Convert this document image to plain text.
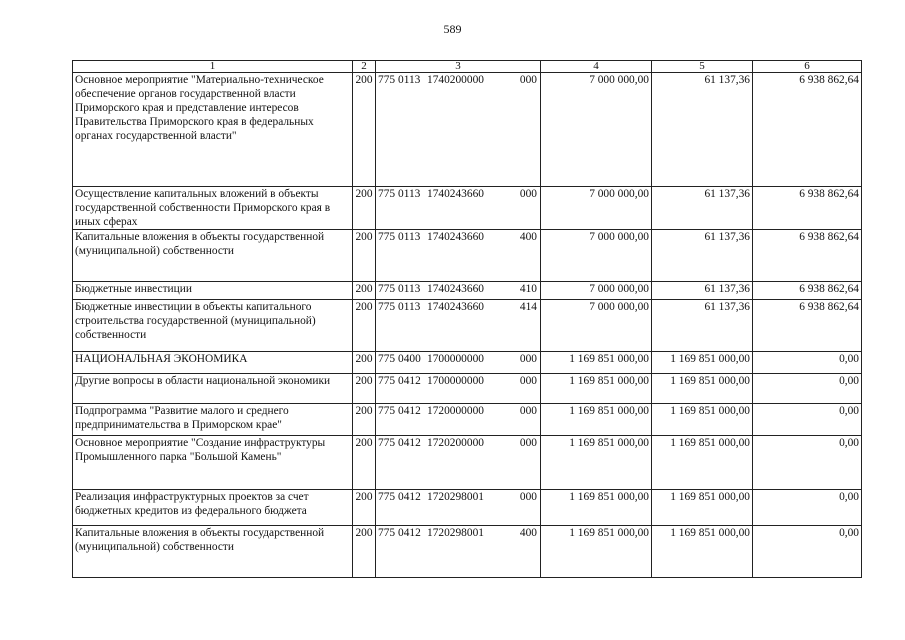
589
1	2	3	4	5	6
Основное мероприятие "Материально-техническое обеспечение органов государственной власти Приморского края и представление интересов Правительства Приморского края в федеральных органах государственной власти"	200	775 0113 1740200000 000	7 000 000,00	61 137,36	6 938 862,64
Осуществление капитальных вложений в объекты государственной собственности Приморского края в иных сферах	200	775 0113 1740243660 000	7 000 000,00	61 137,36	6 938 862,64
Капитальные вложения в объекты государственной (муниципальной) собственности	200	775 0113 1740243660 400	7 000 000,00	61 137,36	6 938 862,64
Бюджетные инвестиции	200	775 0113 1740243660 410	7 000 000,00	61 137,36	6 938 862,64
Бюджетные инвестиции в объекты капитального строительства государственной (муниципальной) собственности	200	775 0113 1740243660 414	7 000 000,00	61 137,36	6 938 862,64
НАЦИОНАЛЬНАЯ ЭКОНОМИКА	200	775 0400 1700000000 000	1 169 851 000,00	1 169 851 000,00	0,00
Другие вопросы в области национальной экономики	200	775 0412 1700000000 000	1 169 851 000,00	1 169 851 000,00	0,00
Подпрограмма "Развитие малого и среднего предпринимательства в Приморском крае"	200	775 0412 1720000000 000	1 169 851 000,00	1 169 851 000,00	0,00
Основное мероприятие "Создание инфраструктуры Промышленного парка "Большой Камень"	200	775 0412 1720200000 000	1 169 851 000,00	1 169 851 000,00	0,00
Реализация инфраструктурных проектов за счет бюджетных кредитов из федерального бюджета	200	775 0412 1720298001 000	1 169 851 000,00	1 169 851 000,00	0,00
Капитальные вложения в объекты государственной (муниципальной) собственности	200	775 0412 1720298001 400	1 169 851 000,00	1 169 851 000,00	0,00
